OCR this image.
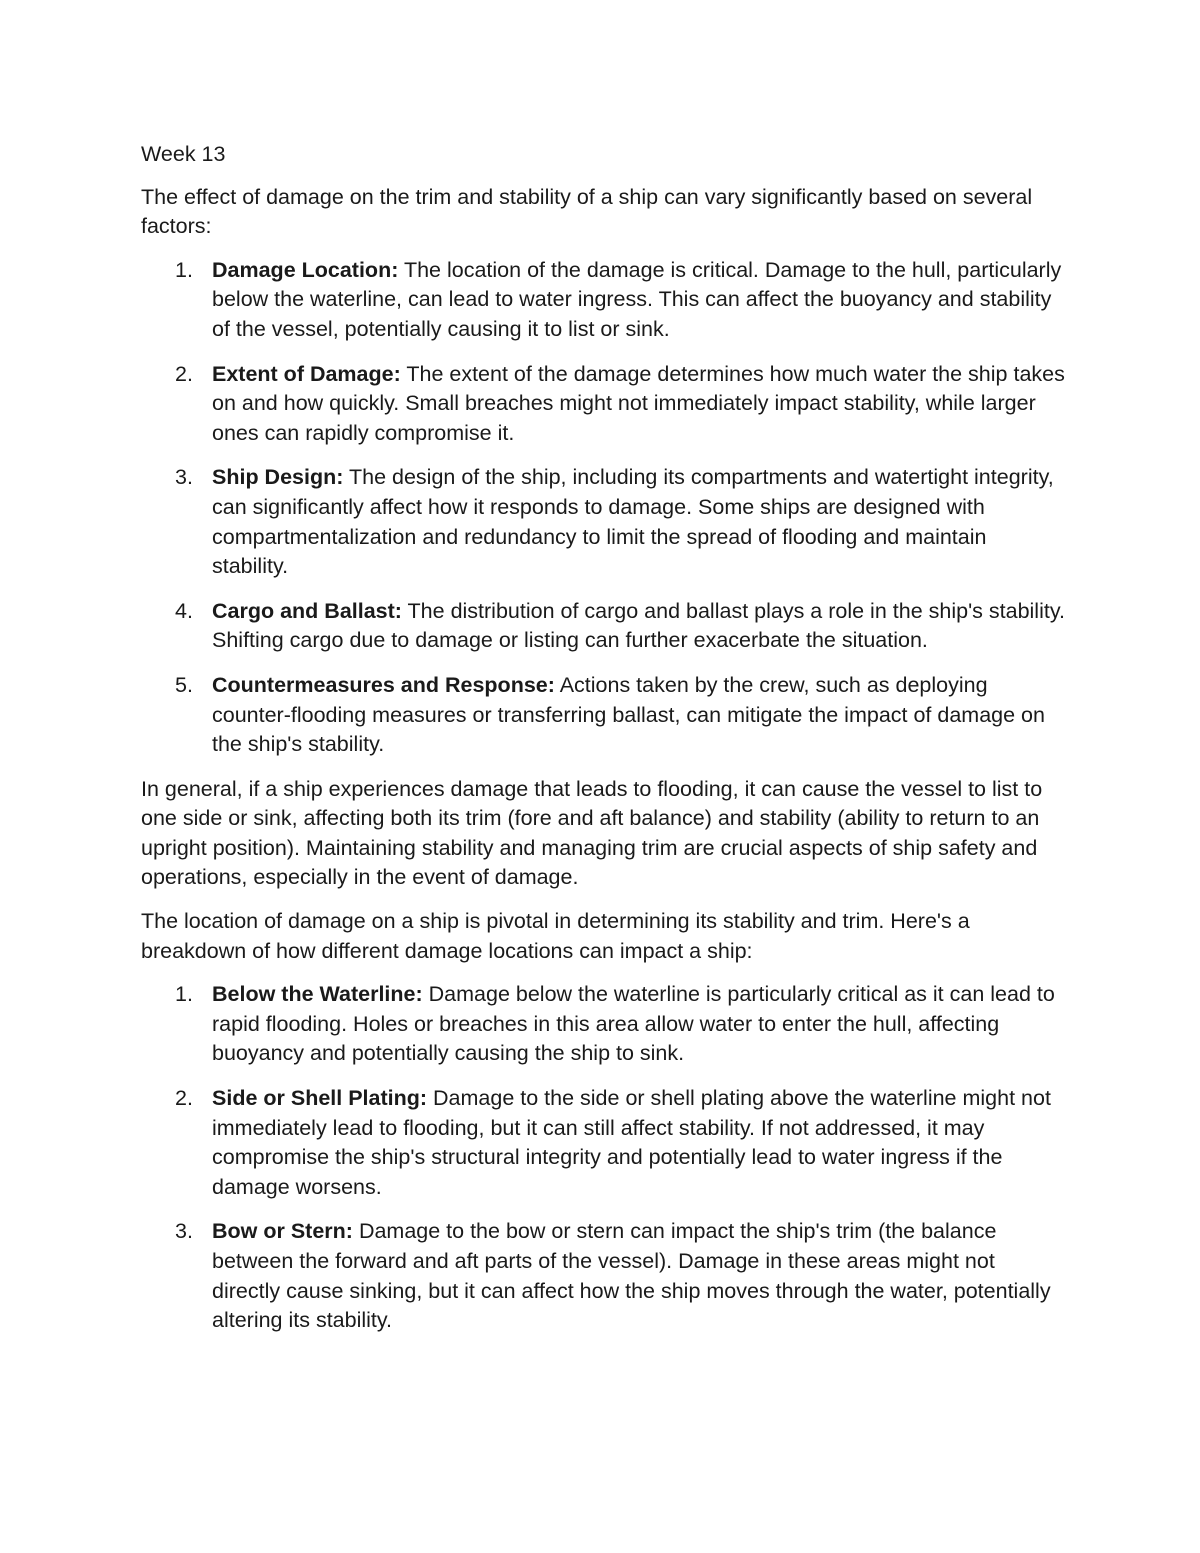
Week 13

The effect of damage on the trim and stability of a ship can vary significantly based on several factors:

1. Damage Location: The location of the damage is critical. Damage to the hull, particularly below the waterline, can lead to water ingress. This can affect the buoyancy and stability of the vessel, potentially causing it to list or sink.
2. Extent of Damage: The extent of the damage determines how much water the ship takes on and how quickly. Small breaches might not immediately impact stability, while larger ones can rapidly compromise it.
3. Ship Design: The design of the ship, including its compartments and watertight integrity, can significantly affect how it responds to damage. Some ships are designed with compartmentalization and redundancy to limit the spread of flooding and maintain stability.
4. Cargo and Ballast: The distribution of cargo and ballast plays a role in the ship's stability. Shifting cargo due to damage or listing can further exacerbate the situation.
5. Countermeasures and Response: Actions taken by the crew, such as deploying counter-flooding measures or transferring ballast, can mitigate the impact of damage on the ship's stability.

In general, if a ship experiences damage that leads to flooding, it can cause the vessel to list to one side or sink, affecting both its trim (fore and aft balance) and stability (ability to return to an upright position). Maintaining stability and managing trim are crucial aspects of ship safety and operations, especially in the event of damage.

The location of damage on a ship is pivotal in determining its stability and trim. Here's a breakdown of how different damage locations can impact a ship:

1. Below the Waterline: Damage below the waterline is particularly critical as it can lead to rapid flooding. Holes or breaches in this area allow water to enter the hull, affecting buoyancy and potentially causing the ship to sink.
2. Side or Shell Plating: Damage to the side or shell plating above the waterline might not immediately lead to flooding, but it can still affect stability. If not addressed, it may compromise the ship's structural integrity and potentially lead to water ingress if the damage worsens.
3. Bow or Stern: Damage to the bow or stern can impact the ship's trim (the balance between the forward and aft parts of the vessel). Damage in these areas might not directly cause sinking, but it can affect how the ship moves through the water, potentially altering its stability.
